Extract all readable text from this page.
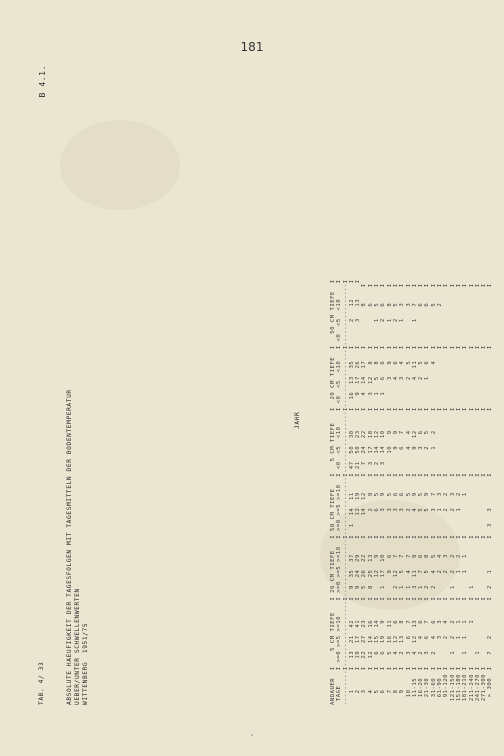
181
TAB. 4/ 33
B 4.1.
ABSOLUTE HAEUFIGKEIT DER TAGESFOLGEN MIT TAGESMITTELN DER BODENTEMPERATUR UEBER/UNTER SCHWELLENWERTEN WITTENBERG  1951/75
JAHR	ANDAUER  I    5 CM TIEFE   I 20 CM TIEFE   I 50 CM TIEFE   I   5 CM TIEFE   I  20 CM TIEFE  I   50 CM TIEFE  I TAGE    I >=0 >=5 >=10    I >=0 >=5 >=10  I >=0 >=5 >=10  I <0  <5  <10    I <0  <5  <10   I <0  <5  <10    I ---------I-----------------I---------------I---------------I----------------I---------------I----------------I 1     I  13  21  42     I  9  35  37    I  1  14  11    I 47  50  30     I  16  13  35   I      2   12    I 2     I  19  17  41     I  9  24  29    I     12  19    I 21  50  23     I   9  17  26   I      3   13    I 3     I  22  27  23     I  5  26  22    I     14  12    I  7  24  22     I   4  14  17   I          8    I 4     I  12  14  16     I  8  25  13    I      2   9    I  3  17  18     I   3  12   8   I          6    I 5     I   6  15  14     I     12   9    I      6   5    I  2  14  12     I   1   5   8   I      1   5    I 6     I   6  19   9     I  1  17  10    I      3   9    I  3  14  10     I   1   6   6   I      2   6    I 7     I   5  16  11     I      9   6    I      3   5    I     10   9     I       3   9   I      1   8    I 8     I   4  12   6     I  2  12   7    I      3   6    I      9   9     I       4   6   I      2   5    I 9     I   2  13   8     I  1   5   7    I      3   6    I      6   7     I       3   4   I      1   3    I 10     I   3   6   7     I  1   4   7    I      2   5    I      4   4     I       2   5   I          3    I 11-15  I   4  12  13     I  3  11   9    I      4   9    I      9  12     I       4  11   I      1   7    I 16-20  I   2   4   6     I  1   7   6    I      5   5    I      3   6     I       2   5   I          6    I 21-30  I   3   6   7     I  2   5   8    I      5   9    I      2   5     I       1   6   I          6    I 31-60  I   2   4   6     I  2   4   5    I      3   7    I      1   2     I           4   I          5    I 61-90  I       3   3     I      2   4    I      1   3    I                I               I          2    I 91-120 I       2   4     I      2   3    I      2   2    I                I               I               I 121-150 I   1   2   2     I  1   2   2    I      2   3    I                I               I               I 151-180 I       1   1     I      1   2    I      1   2    I                I               I               I 181-210 I   1   1   1     I      1   1    I          1    I                I               I               I 211-240 I           1     I  1            I               I                I               I               I 241-270 I   1             I               I               I                I               I               I 271-300 I                 I               I               I                I               I               I > 300  I   7   2         I  2   1        I  3   3        I                I               I               I
'
